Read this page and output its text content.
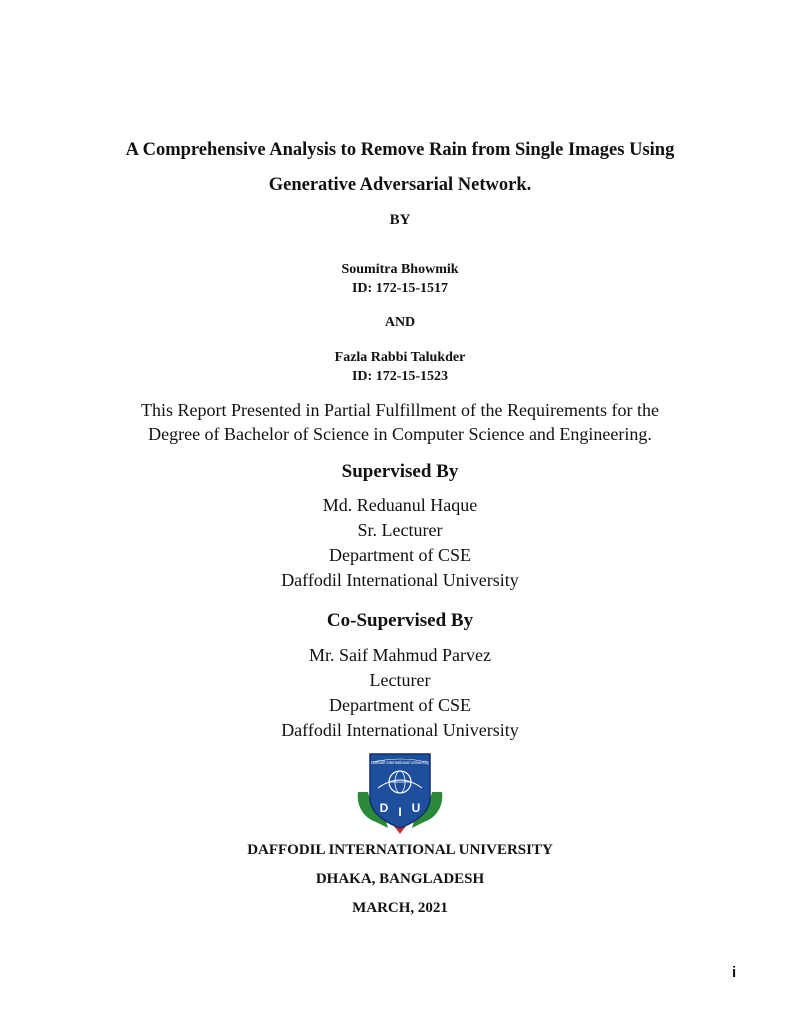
A Comprehensive Analysis to Remove Rain from Single Images Using
Generative Adversarial Network.
BY
Soumitra Bhowmik
ID: 172-15-1517
AND
Fazla Rabbi Talukder
ID: 172-15-1523
This Report Presented in Partial Fulfillment of the Requirements for the
Degree of Bachelor of Science in Computer Science and Engineering.
Supervised By
Md. Reduanul Haque
Sr. Lecturer
Department of CSE
Daffodil International University
Co-Supervised By
Mr. Saif Mahmud Parvez
Lecturer
Department of CSE
Daffodil International University
Daffodil International University
D I U
DAFFODIL INTERNATIONAL UNIVERSITY
DHAKA, BANGLADESH
MARCH, 2021
i
